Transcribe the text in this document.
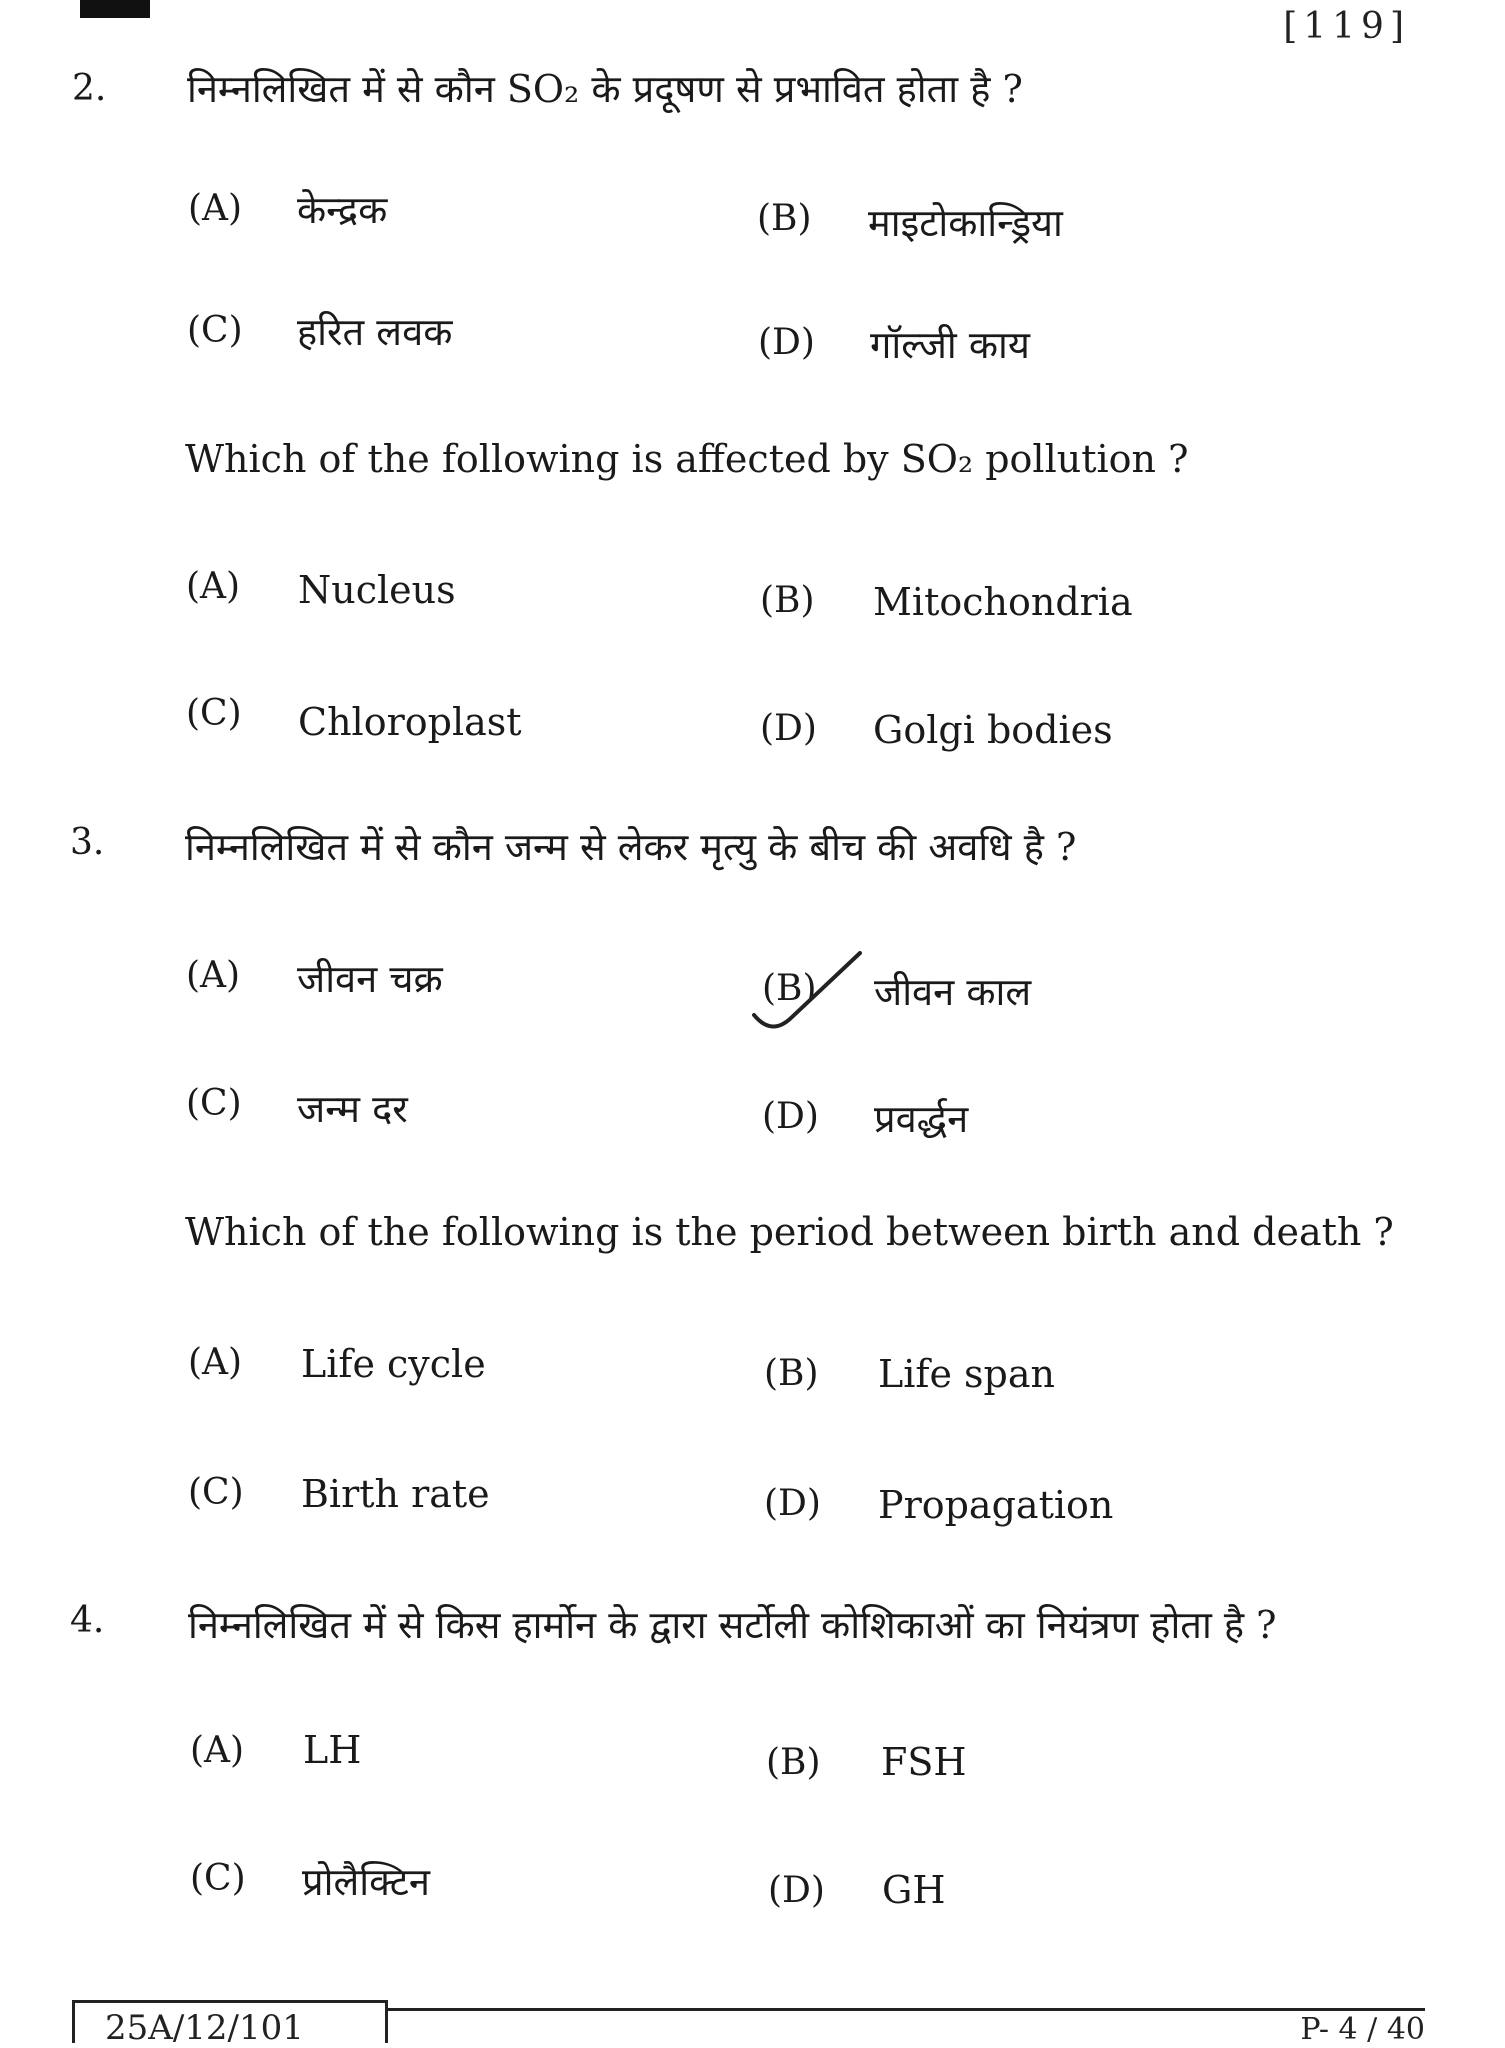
[119]
2. निम्नलिखित में से कौन SO₂ के प्रदूषण से प्रभावित होता है ?
(A) केन्द्रक	(B) माइटोकान्ड्रिया
(C) हरित लवक	(D) गॉल्जी काय
Which of the following is affected by SO₂ pollution ?
(A) Nucleus	(B) Mitochondria
(C) Chloroplast	(D) Golgi bodies
3. निम्नलिखित में से कौन जन्म से लेकर मृत्यु के बीच की अवधि है ?
(A) जीवन चक्र	(B) जीवन काल
(C) जन्म दर	(D) प्रवर्द्धन
Which of the following is the period between birth and death ?
(A) Life cycle	(B) Life span
(C) Birth rate	(D) Propagation
4. निम्नलिखित में से किस हार्मोन के द्वारा सर्टोली कोशिकाओं का नियंत्रण होता है ?
(A) LH	(B) FSH
(C) प्रोलैक्टिन	(D) GH
25A/12/101	P- 4 / 40
